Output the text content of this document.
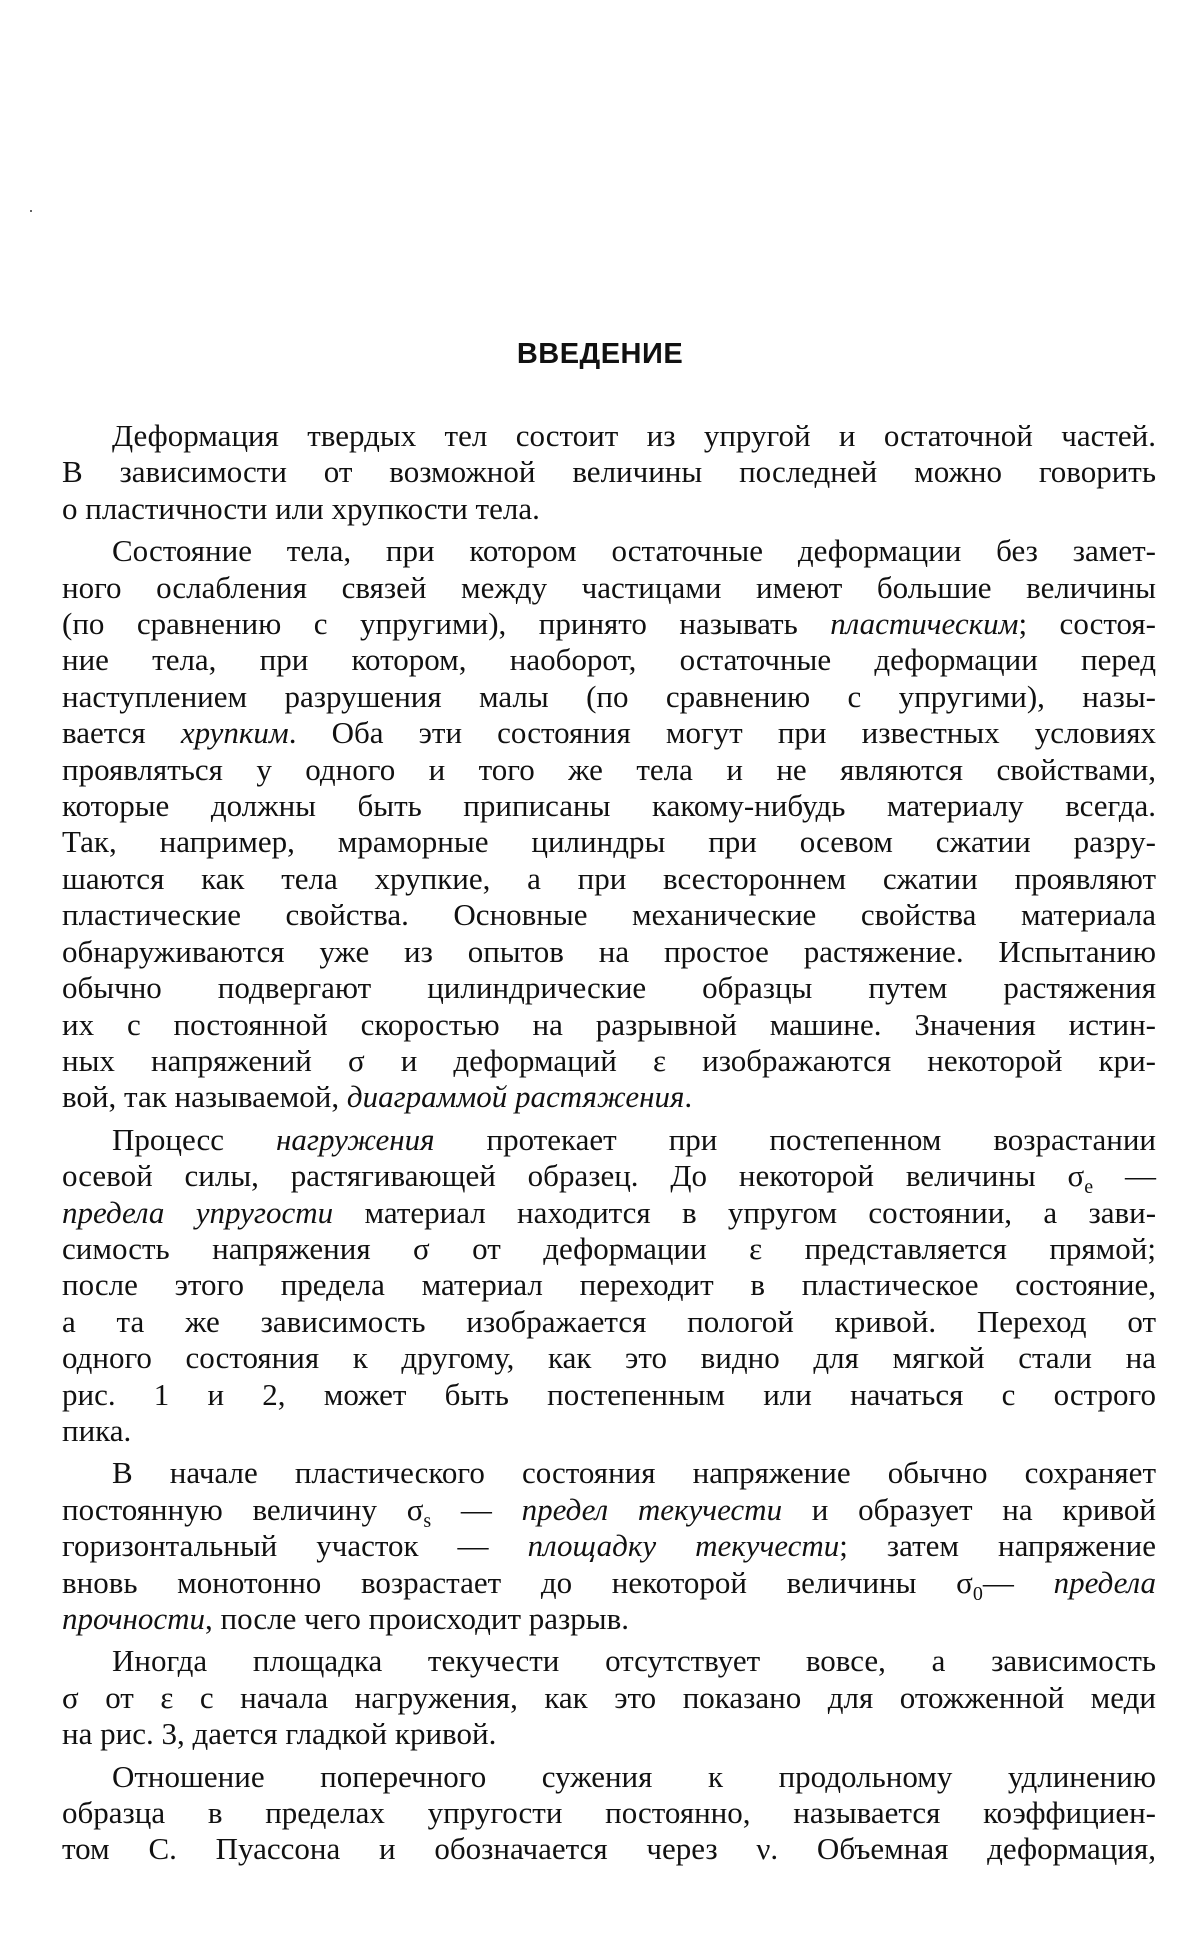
ВВЕДЕНИЕ
Деформация твердых тел состоит из упругой и остаточной частей.
В зависимости от возможной величины последней можно говорить
о пластичности или хрупкости тела.
Состояние тела, при котором остаточные деформации без замет-
ного ослабления связей между частицами имеют большие величины
(по сравнению с упругими), принято называть пластическим; состоя-
ние тела, при котором, наоборот, остаточные деформации перед
наступлением разрушения малы (по сравнению с упругими), назы-
вается хрупким. Оба эти состояния могут при известных условиях
проявляться у одного и того же тела и не являются свойствами,
которые должны быть приписаны какому-нибудь материалу всегда.
Так, например, мраморные цилиндры при осевом сжатии разру-
шаются как тела хрупкие, а при всестороннем сжатии проявляют
пластические свойства. Основные механические свойства материала
обнаруживаются уже из опытов на простое растяжение. Испытанию
обычно подвергают цилиндрические образцы путем растяжения
их с постоянной скоростью на разрывной машине. Значения истин-
ных напряжений σ и деформаций ε изображаются некоторой кри-
вой, так называемой, диаграммой растяжения.
Процесс нагружения протекает при постепенном возрастании
осевой силы, растягивающей образец. До некоторой величины $\sigma_e$ —
предела упругости материал находится в упругом состоянии, а зави-
симость напряжения σ от деформации ε представляется прямой;
после этого предела материал переходит в пластическое состояние,
а та же зависимость изображается пологой кривой. Переход от
одного состояния к другому, как это видно для мягкой стали на
рис. 1 и 2, может быть постепенным или начаться с острого
пика.
В начале пластического состояния напряжение обычно сохраняет
постоянную величину $\sigma_s$ — предел текучести и образует на кривой
горизонтальный участок — площадку текучести; затем напряжение
вновь монотонно возрастает до некоторой величины $\sigma_0—$ предела
прочности, после чего происходит разрыв.
Иногда площадка текучести отсутствует вовсе, а зависимость
σ от ε с начала нагружения, как это показано для отожженной меди
на рис. 3, дается гладкой кривой.
Отношение поперечного сужения к продольному удлинению
образца в пределах упругости постоянно, называется коэффициен-
том С. Пуассона и обозначается через ν. Объемная деформация,
